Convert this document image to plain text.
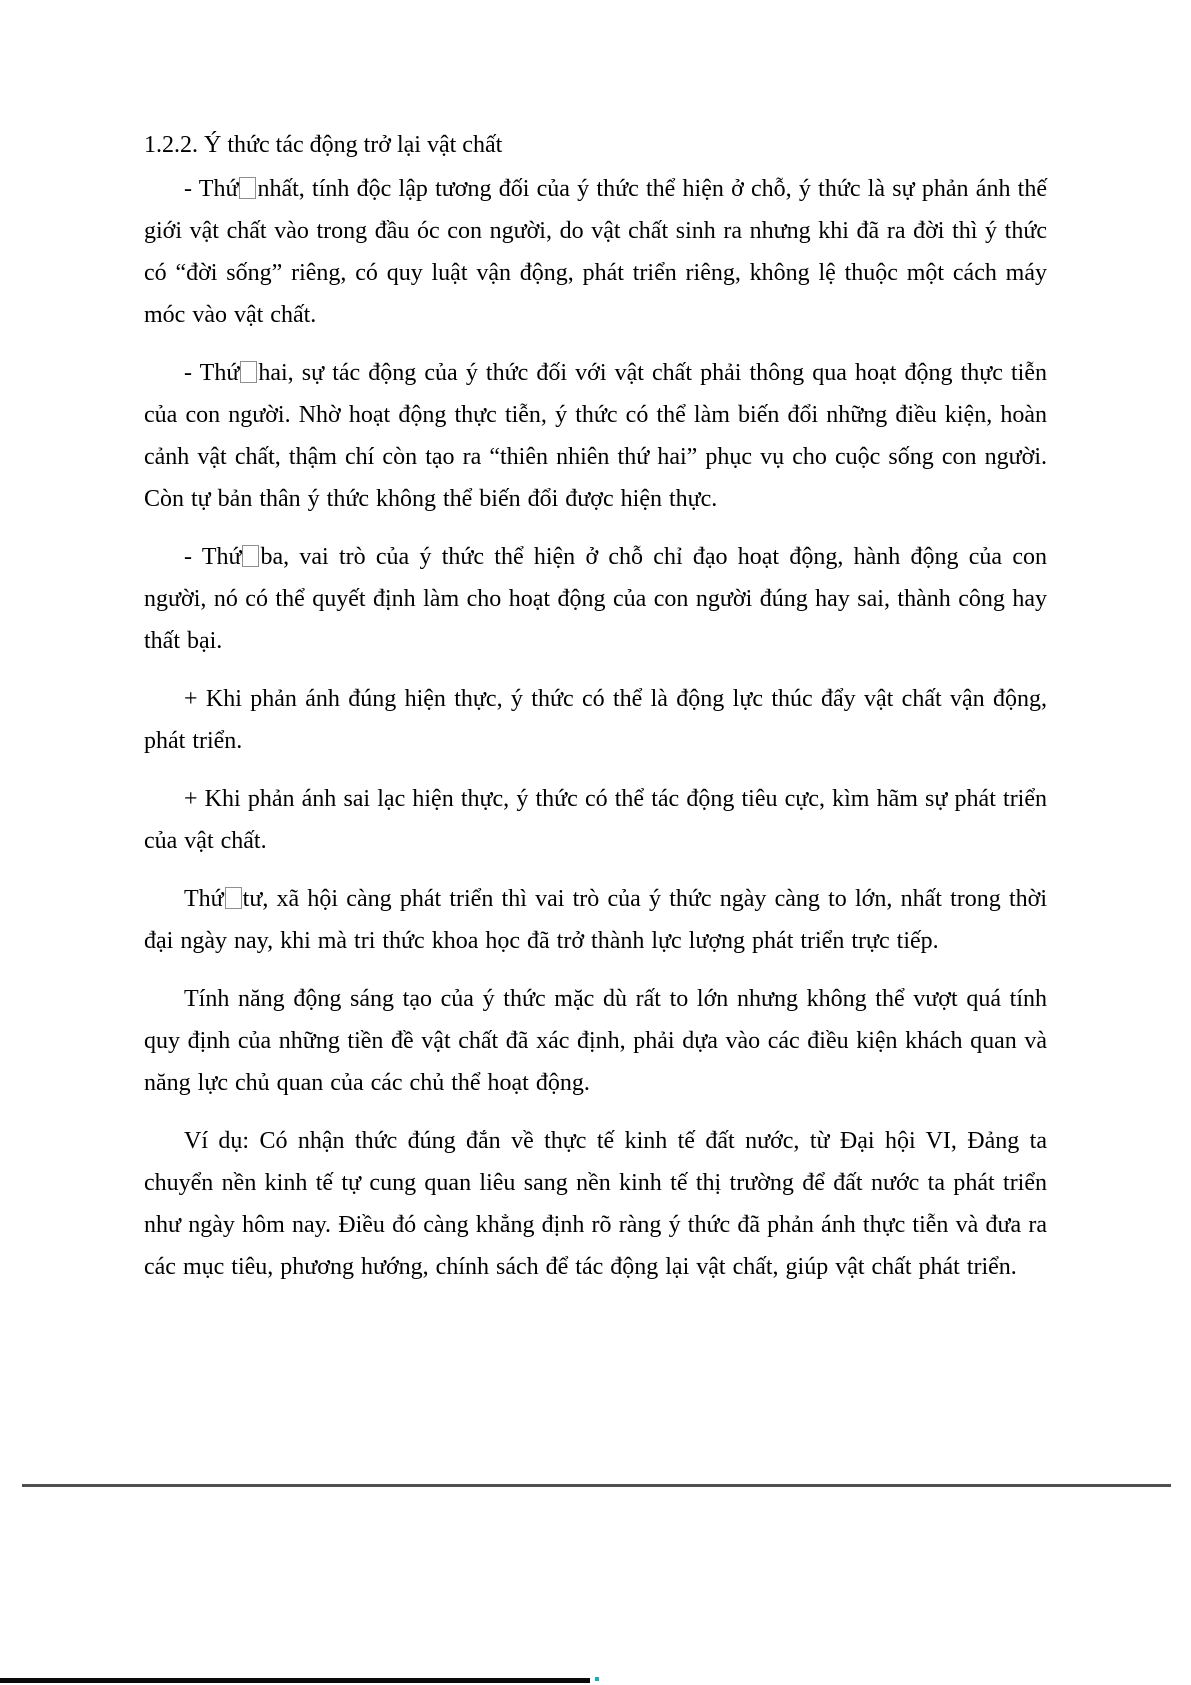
1.2.2. Ý thức tác động trở lại vật chất

- Thứ nhất, tính độc lập tương đối của ý thức thể hiện ở chỗ, ý thức là sự phản ánh thế giới vật chất vào trong đầu óc con người, do vật chất sinh ra nhưng khi đã ra đời thì ý thức có “đời sống” riêng, có quy luật vận động, phát triển riêng, không lệ thuộc một cách máy móc vào vật chất.

- Thứ hai, sự tác động của ý thức đối với vật chất phải thông qua hoạt động thực tiễn của con người. Nhờ hoạt động thực tiễn, ý thức có thể làm biến đổi những điều kiện, hoàn cảnh vật chất, thậm chí còn tạo ra “thiên nhiên thứ hai” phục vụ cho cuộc sống con người. Còn tự bản thân ý thức không thể biến đổi được hiện thực.

- Thứ ba, vai trò của ý thức thể hiện ở chỗ chỉ đạo hoạt động, hành động của con người, nó có thể quyết định làm cho hoạt động của con người đúng hay sai, thành công hay thất bại.

+ Khi phản ánh đúng hiện thực, ý thức có thể là động lực thúc đẩy vật chất vận động, phát triển.

+ Khi phản ánh sai lạc hiện thực, ý thức có thể tác động tiêu cực, kìm hãm sự phát triển của vật chất.

Thứ tư, xã hội càng phát triển thì vai trò của ý thức ngày càng to lớn, nhất trong thời đại ngày nay, khi mà tri thức khoa học đã trở thành lực lượng phát triển trực tiếp.

Tính năng động sáng tạo của ý thức mặc dù rất to lớn nhưng không thể vượt quá tính quy định của những tiền đề vật chất đã xác định, phải dựa vào các điều kiện khách quan và năng lực chủ quan của các chủ thể hoạt động.

Ví dụ: Có nhận thức đúng đắn về thực tế kinh tế đất nước, từ Đại hội VI, Đảng ta chuyển nền kinh tế tự cung quan liêu sang nền kinh tế thị trường để đất nước ta phát triển như ngày hôm nay. Điều đó càng khẳng định rõ ràng ý thức đã phản ánh thực tiễn và đưa ra các mục tiêu, phương hướng, chính sách để tác động lại vật chất, giúp vật chất phát triển.
